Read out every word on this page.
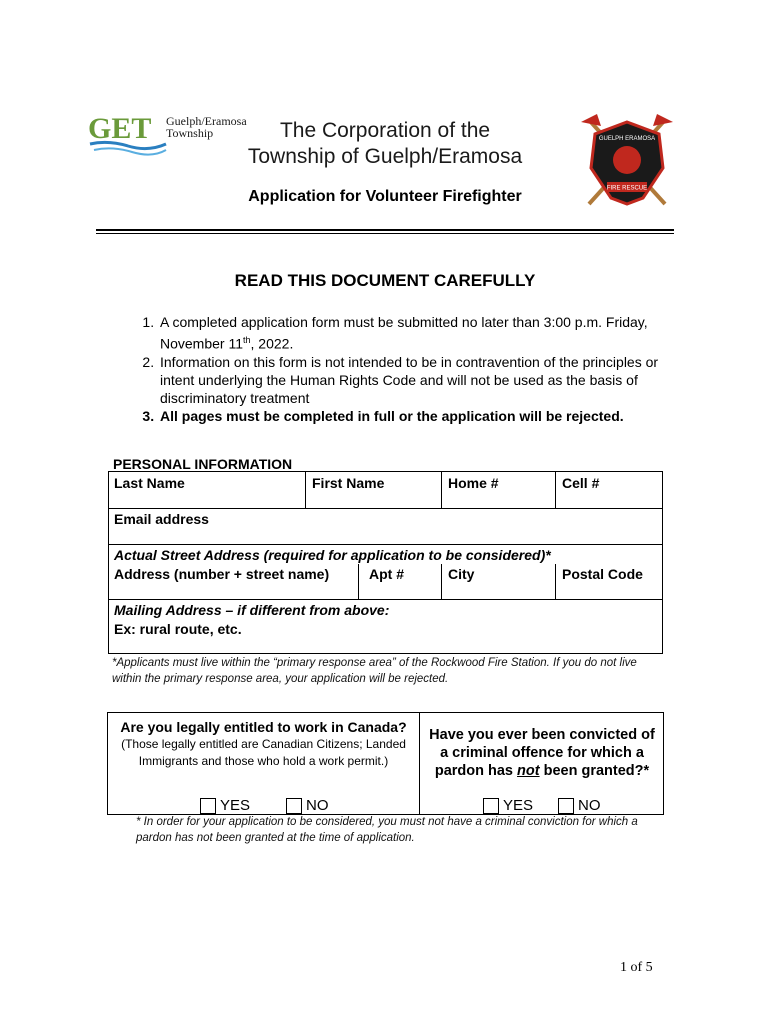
GET Guelph/Eramosa
Township	The Corporation of the
Township of Guelph/Eramosa
GUELPH ERAMOSA
FIRE RESCUE
Application for Volunteer Firefighter
READ THIS DOCUMENT CAREFULLY
1. A completed application form must be submitted no later than 3:00 p.m. Friday, November 11th, 2022.
2. Information on this form is not intended to be in contravention of the principles or intent underlying the Human Rights Code and will not be used as the basis of discriminatory treatment
3. All pages must be completed in full or the application will be rejected.
PERSONAL INFORMATION
Last Name	First Name	Home #	Cell #
Email address
Actual Street Address (required for application to be considered)*
Address (number + street name)	Apt #	City	Postal Code
Mailing Address – if different from above:
Ex: rural route, etc.
*Applicants must live within the “primary response area” of the Rockwood Fire Station. If you do not live within the primary response area, your application will be rejected.
Are you legally entitled to work in Canada?
(Those legally entitled are Canadian Citizens; Landed Immigrants and those who hold a work permit.)
Have you ever been convicted of a criminal offence for which a pardon has not been granted?*
YES	NO	YES	NO
* In order for your application to be considered, you must not have a criminal conviction for which a pardon has not been granted at the time of application.
1 of 5
